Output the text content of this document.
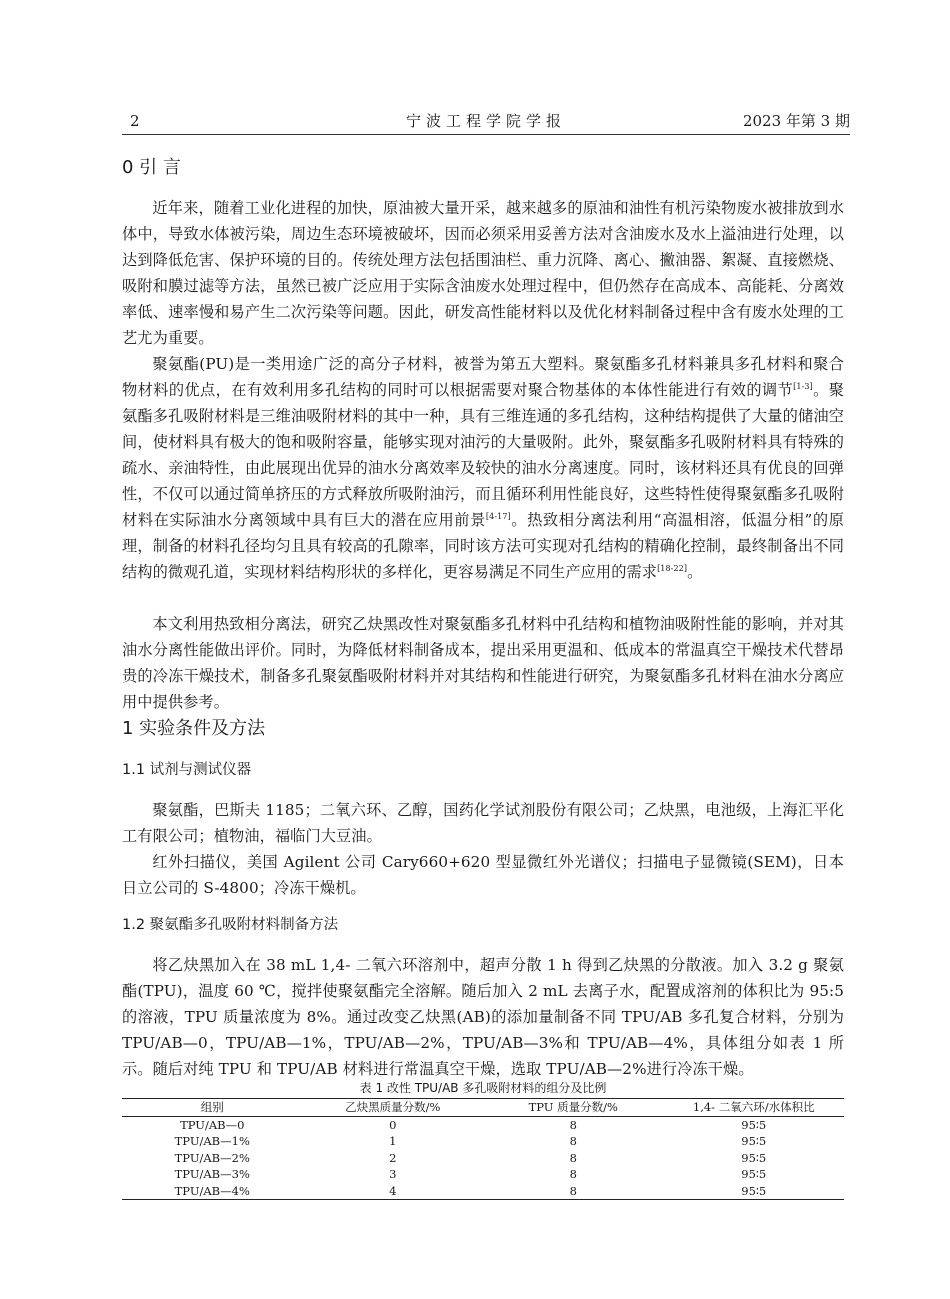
2	宁波工程学院学报	2023 年第 3 期
0 引 言

近年来，随着工业化进程的加快，原油被大量开采，越来越多的原油和油性有机污染物废水被排放到水体中，导致水体被污染，周边生态环境被破坏，因而必须采用妥善方法对含油废水及水上溢油进行处理，以达到降低危害、保护环境的目的。传统处理方法包括围油栏、重力沉降、离心、撇油器、絮凝、直接燃烧、吸附和膜过滤等方法，虽然已被广泛应用于实际含油废水处理过程中，但仍然存在高成本、高能耗、分离效率低、速率慢和易产生二次污染等问题。因此，研发高性能材料以及优化材料制备过程中含有废水处理的工艺尤为重要。

聚氨酯(PU)是一类用途广泛的高分子材料，被誉为第五大塑料。聚氨酯多孔材料兼具多孔材料和聚合物材料的优点，在有效利用多孔结构的同时可以根据需要对聚合物基体的本体性能进行有效的调节[1-3]。聚氨酯多孔吸附材料是三维油吸附材料的其中一种，具有三维连通的多孔结构，这种结构提供了大量的储油空间，使材料具有极大的饱和吸附容量，能够实现对油污的大量吸附。此外，聚氨酯多孔吸附材料具有特殊的疏水、亲油特性，由此展现出优异的油水分离效率及较快的油水分离速度。同时，该材料还具有优良的回弹性，不仅可以通过简单挤压的方式释放所吸附油污，而且循环利用性能良好，这些特性使得聚氨酯多孔吸附材料在实际油水分离领域中具有巨大的潜在应用前景[4-17]。热致相分离法利用“高温相溶，低温分相”的原理，制备的材料孔径均匀且具有较高的孔隙率，同时该方法可实现对孔结构的精确化控制，最终制备出不同结构的微观孔道，实现材料结构形状的多样化，更容易满足不同生产应用的需求[18-22]。

本文利用热致相分离法，研究乙炔黑改性对聚氨酯多孔材料中孔结构和植物油吸附性能的影响，并对其油水分离性能做出评价。同时，为降低材料制备成本，提出采用更温和、低成本的常温真空干燥技术代替昂贵的冷冻干燥技术，制备多孔聚氨酯吸附材料并对其结构和性能进行研究，为聚氨酯多孔材料在油水分离应用中提供参考。

1 实验条件及方法
1.1 试剂与测试仪器

聚氨酯，巴斯夫 1185；二氧六环、乙醇，国药化学试剂股份有限公司；乙炔黑，电池级，上海汇平化工有限公司；植物油，福临门大豆油。

红外扫描仪，美国 Agilent 公司 Cary660+620 型显微红外光谱仪；扫描电子显微镜(SEM)，日本日立公司的 S-4800；冷冻干燥机。

1.2 聚氨酯多孔吸附材料制备方法

将乙炔黑加入在 38 mL 1,4- 二氧六环溶剂中，超声分散 1 h 得到乙炔黑的分散液。加入 3.2 g 聚氨酯(TPU)，温度 60 ℃，搅拌使聚氨酯完全溶解。随后加入 2 mL 去离子水，配置成溶剂的体积比为 95:5 的溶液，TPU 质量浓度为 8%。通过改变乙炔黑(AB)的添加量制备不同 TPU/AB 多孔复合材料，分别为 TPU/AB—0，TPU/AB—1%，TPU/AB—2%，TPU/AB—3%和 TPU/AB—4%，具体组分如表 1 所示。随后对纯 TPU 和 TPU/AB 材料进行常温真空干燥，选取 TPU/AB—2%进行冷冻干燥。

表 1 改性 TPU/AB 多孔吸附材料的组分及比例
组别	乙炔黑质量分数/%	TPU 质量分数/%	1,4- 二氧六环/水体积比
TPU/AB—0	0	8	95∶5
TPU/AB—1%	1	8	95∶5
TPU/AB—2%	2	8	95∶5
TPU/AB—3%	3	8	95∶5
TPU/AB—4%	4	8	95∶5
